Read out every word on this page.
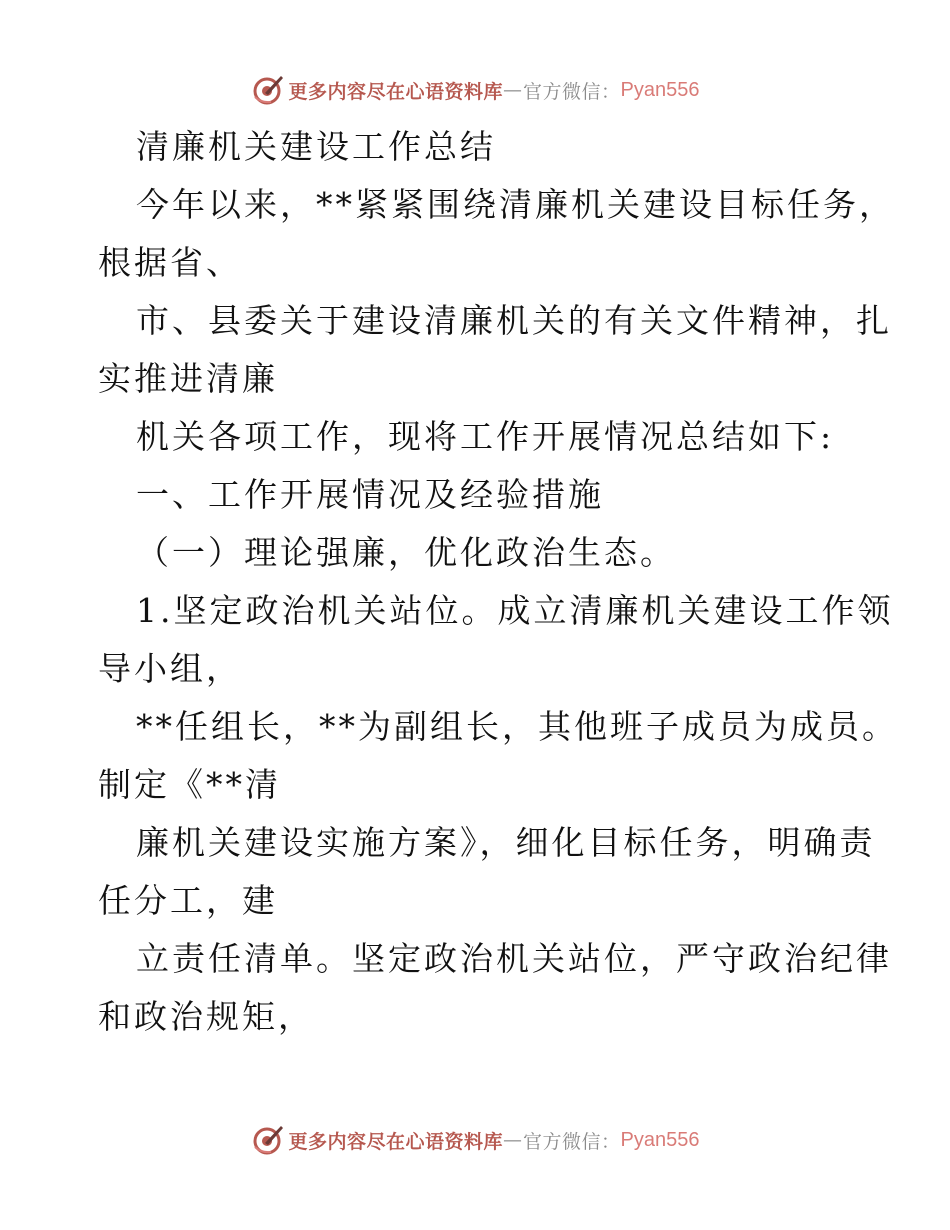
更多内容尽在心语资料库 — 官方微信： Pyan556
清廉机关建设工作总结
今年以来，**紧紧围绕清廉机关建设目标任务，
根据省、
市、县委关于建设清廉机关的有关文件精神，扎
实推进清廉
机关各项工作，现将工作开展情况总结如下:
一、工作开展情况及经验措施
（一）理论强廉，优化政治生态。
1.坚定政治机关站位。成立清廉机关建设工作领
导小组，
**任组长，**为副组长，其他班子成员为成员。
制定《**清
廉机关建设实施方案》，细化目标任务，明确责
任分工，建
立责任清单。坚定政治机关站位，严守政治纪律
和政治规矩，
更多内容尽在心语资料库 — 官方微信： Pyan556
